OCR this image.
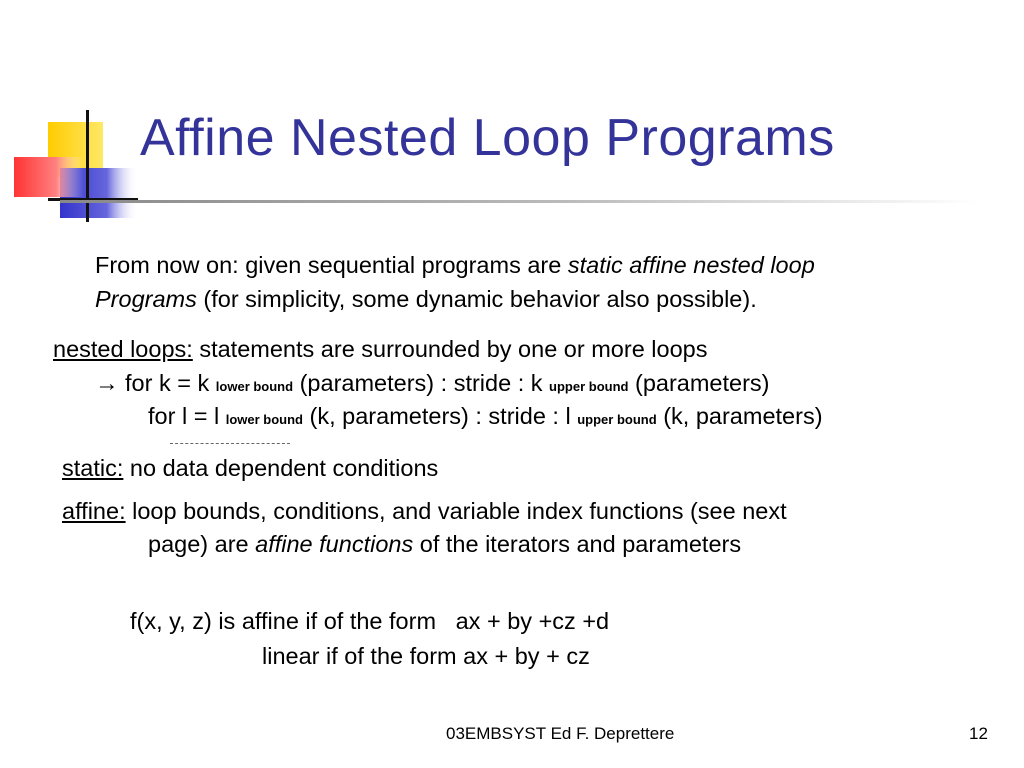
Affine Nested Loop Programs
From now on: given sequential programs are static affine nested loop
Programs (for simplicity, some dynamic behavior also possible).
nested loops: statements are surrounded by one or more loops
→ for k = k lower bound (parameters) : stride : k upper bound (parameters)
for l = l lower bound (k, parameters) : stride : l upper bound (k, parameters)
static: no data dependent conditions
affine: loop bounds, conditions, and variable index functions (see next
page) are affine functions of the iterators and parameters
f(x, y, z) is affine if of the form   ax + by +cz +d
linear if of the form ax + by + cz
03EMBSYST Ed F. Deprettere	12
